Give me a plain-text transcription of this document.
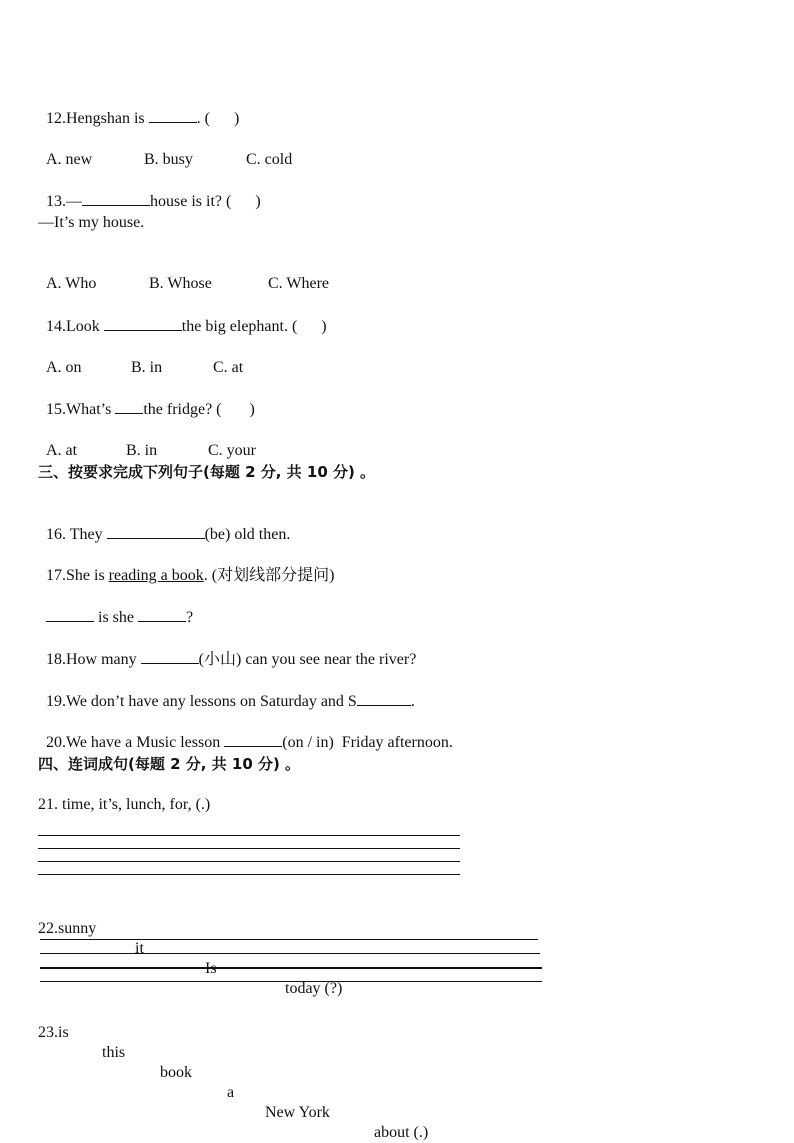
12.Hengshan is	. (      )

A. new	B. busy	C. cold

13.—	house is it? (      )

—It’s my house.

A. Who	B. Whose	C. Where

14.Look	the big elephant. (      )

A. on	B. in	C. at

15.What’s the fridge? (       )

A. at	B. in	C. your

三、按要求完成下列句子(每题 2 分, 共 10 分) 。

16. They	(be) old then.

17.She is reading a book. (对划线部分提问)

is she	?

18.How many	(小山) can you see near the river?

19.We don’t have any lessons on Saturday and S	.

20.We have a Music lesson	(on / in)  Friday afternoon.

四、连词成句(每题 2 分, 共 10 分) 。
21. time, it’s, lunch, for, (.)

22.sunny

it

Is

today (?)

23.is

this

book

a

New York

about (.)
